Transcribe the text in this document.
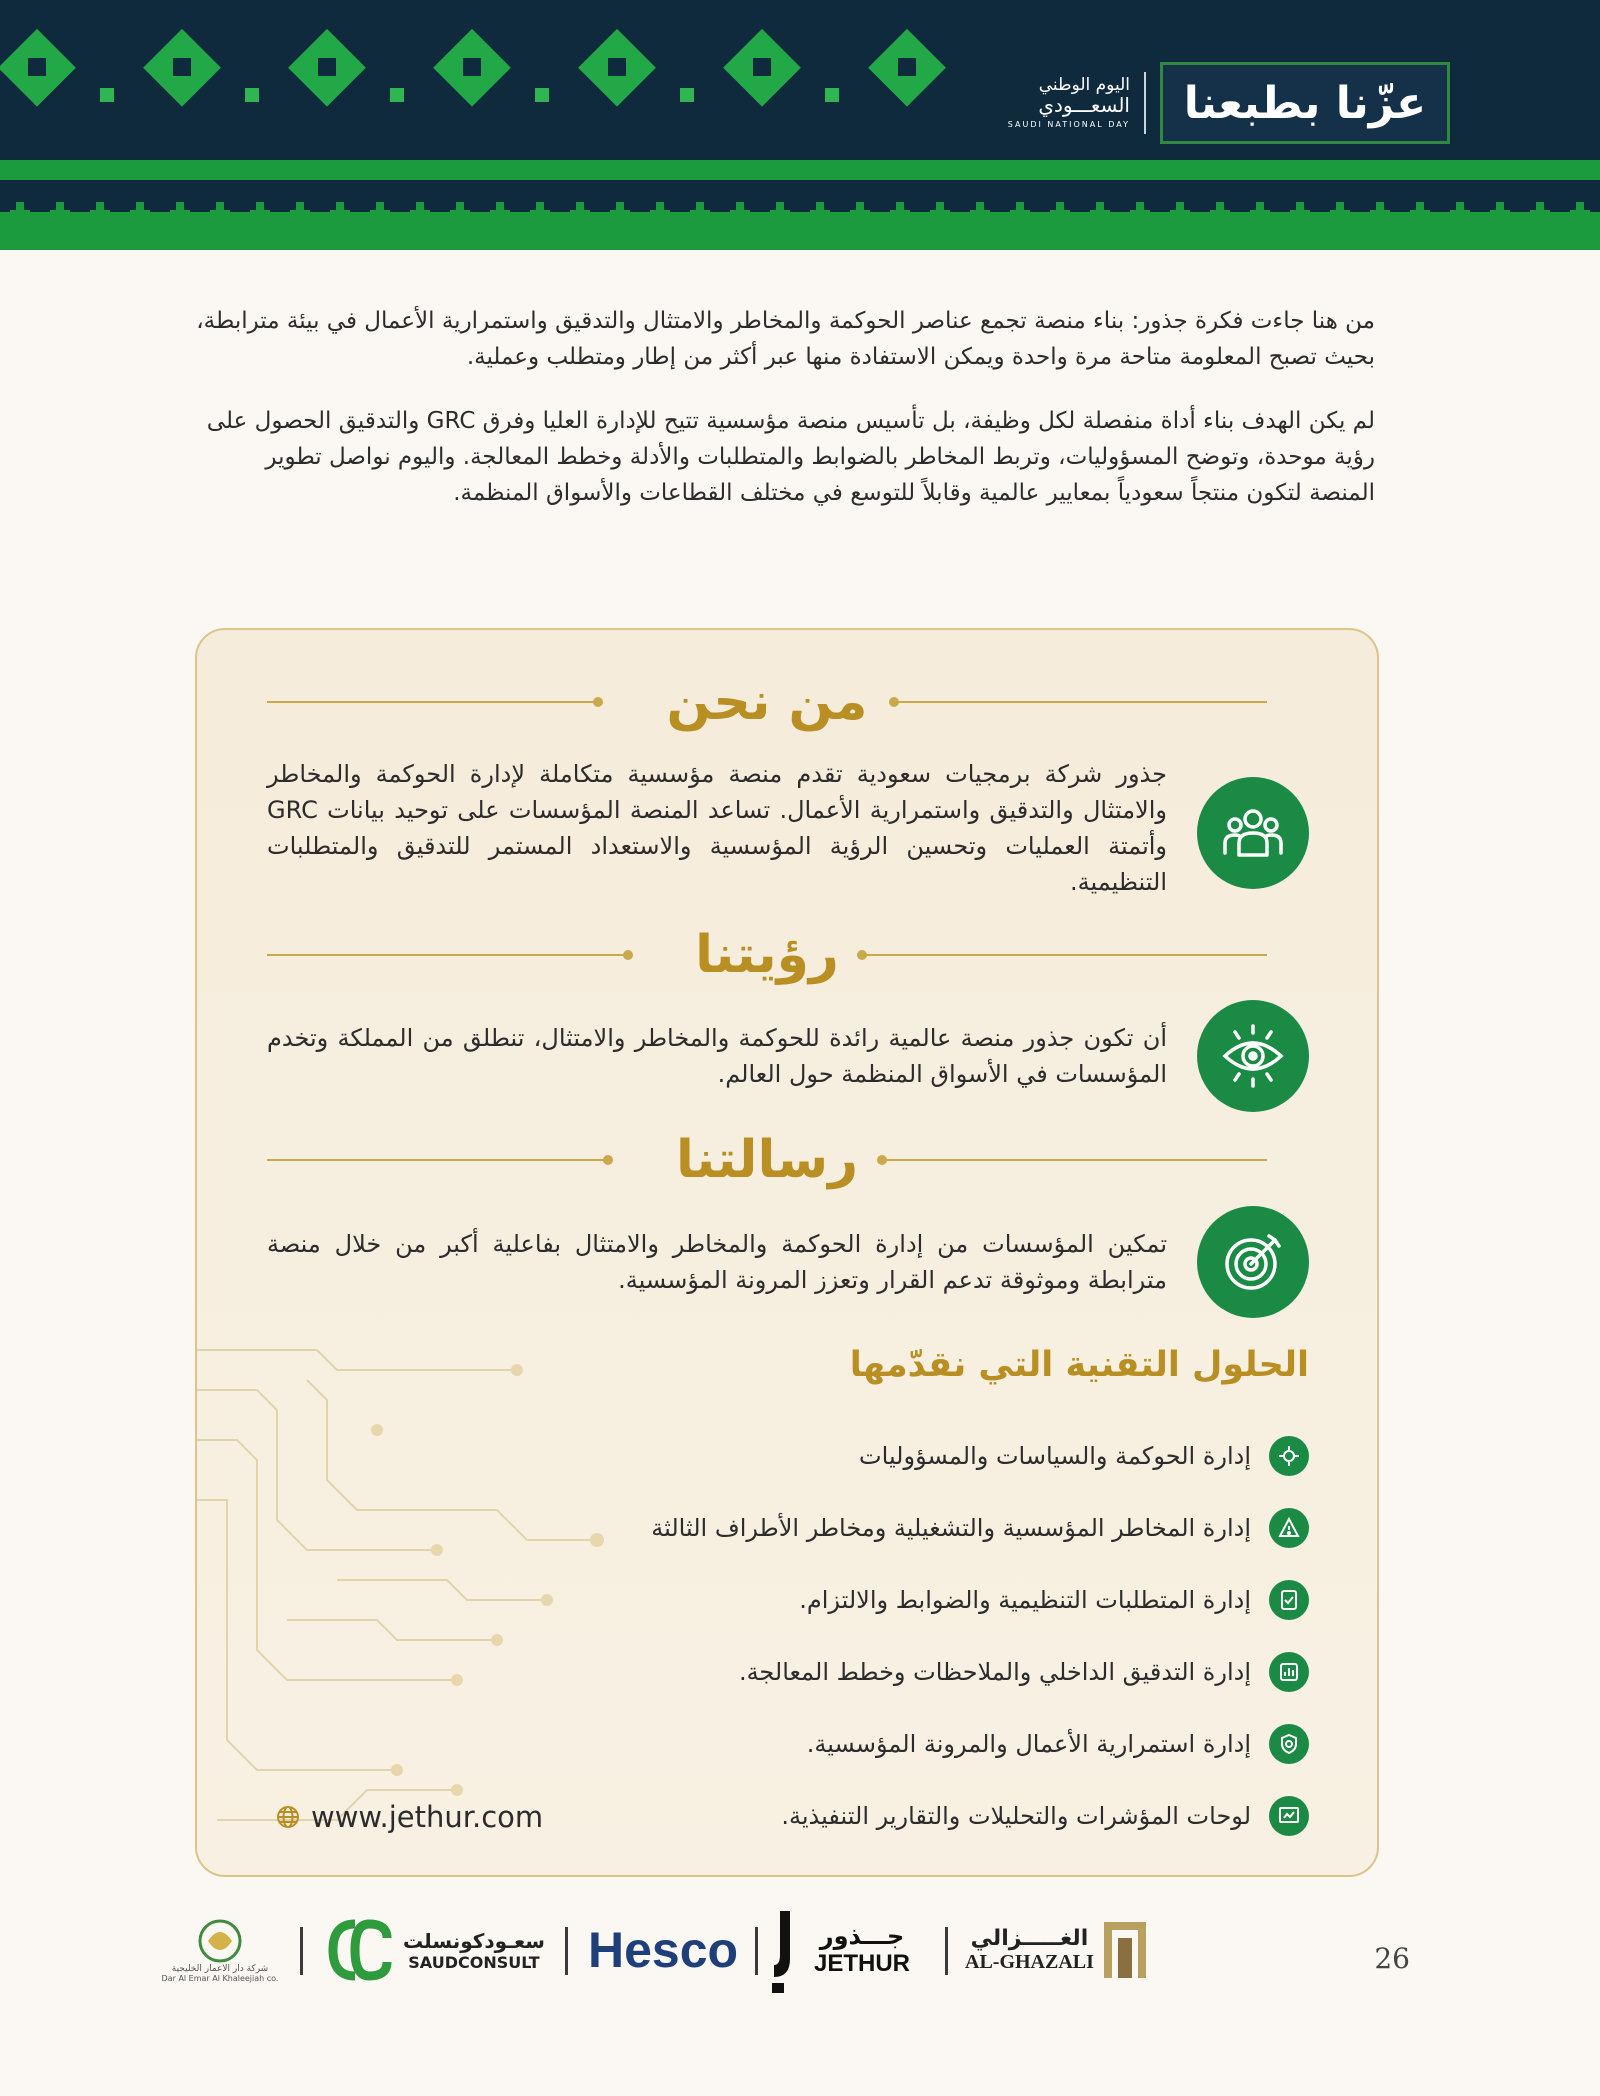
عزّنا بطبعنا
اليوم الوطني
السعـــودي
SAUDI NATIONAL DAY

من هنا جاءت فكرة جذور: بناء منصة تجمع عناصر الحوكمة والمخاطر والامتثال والتدقيق واستمرارية الأعمال في بيئة مترابطة، بحيث تصبح المعلومة متاحة مرة واحدة ويمكن الاستفادة منها عبر أكثر من إطار ومتطلب وعملية.

لم يكن الهدف بناء أداة منفصلة لكل وظيفة، بل تأسيس منصة مؤسسية تتيح للإدارة العليا وفرق GRC والتدقيق الحصول على رؤية موحدة، وتوضح المسؤوليات، وتربط المخاطر بالضوابط والمتطلبات والأدلة وخطط المعالجة. واليوم نواصل تطوير المنصة لتكون منتجاً سعودياً بمعايير عالمية وقابلاً للتوسع في مختلف القطاعات والأسواق المنظمة.

من نحن
جذور شركة برمجيات سعودية تقدم منصة مؤسسية متكاملة لإدارة الحوكمة والمخاطر والامتثال والتدقيق واستمرارية الأعمال. تساعد المنصة المؤسسات على توحيد بيانات GRC وأتمتة العمليات وتحسين الرؤية المؤسسية والاستعداد المستمر للتدقيق والمتطلبات التنظيمية.
رؤيتنا
أن تكون جذور منصة عالمية رائدة للحوكمة والمخاطر والامتثال، تنطلق من المملكة وتخدم المؤسسات في الأسواق المنظمة حول العالم.
رسالتنا
تمكين المؤسسات من إدارة الحوكمة والمخاطر والامتثال بفاعلية أكبر من خلال منصة مترابطة وموثوقة تدعم القرار وتعزز المرونة المؤسسية.
الحلول التقنية التي نقدّمها
إدارة الحوكمة والسياسات والمسؤوليات
إدارة المخاطر المؤسسية والتشغيلية ومخاطر الأطراف الثالثة
إدارة المتطلبات التنظيمية والضوابط والالتزام.
إدارة التدقيق الداخلي والملاحظات وخطط المعالجة.
إدارة استمرارية الأعمال والمرونة المؤسسية.
لوحات المؤشرات والتحليلات والتقارير التنفيذية.
www.jethur.com
شركة دار الاعمار الخليجية
Dar Al Emar Al Khaleejiah co.
سعـودكونسلت
SAUDCONSULT Hesco	جـــذور
JETHUR
الغـــــزالي
AL-GHAZALI	26
